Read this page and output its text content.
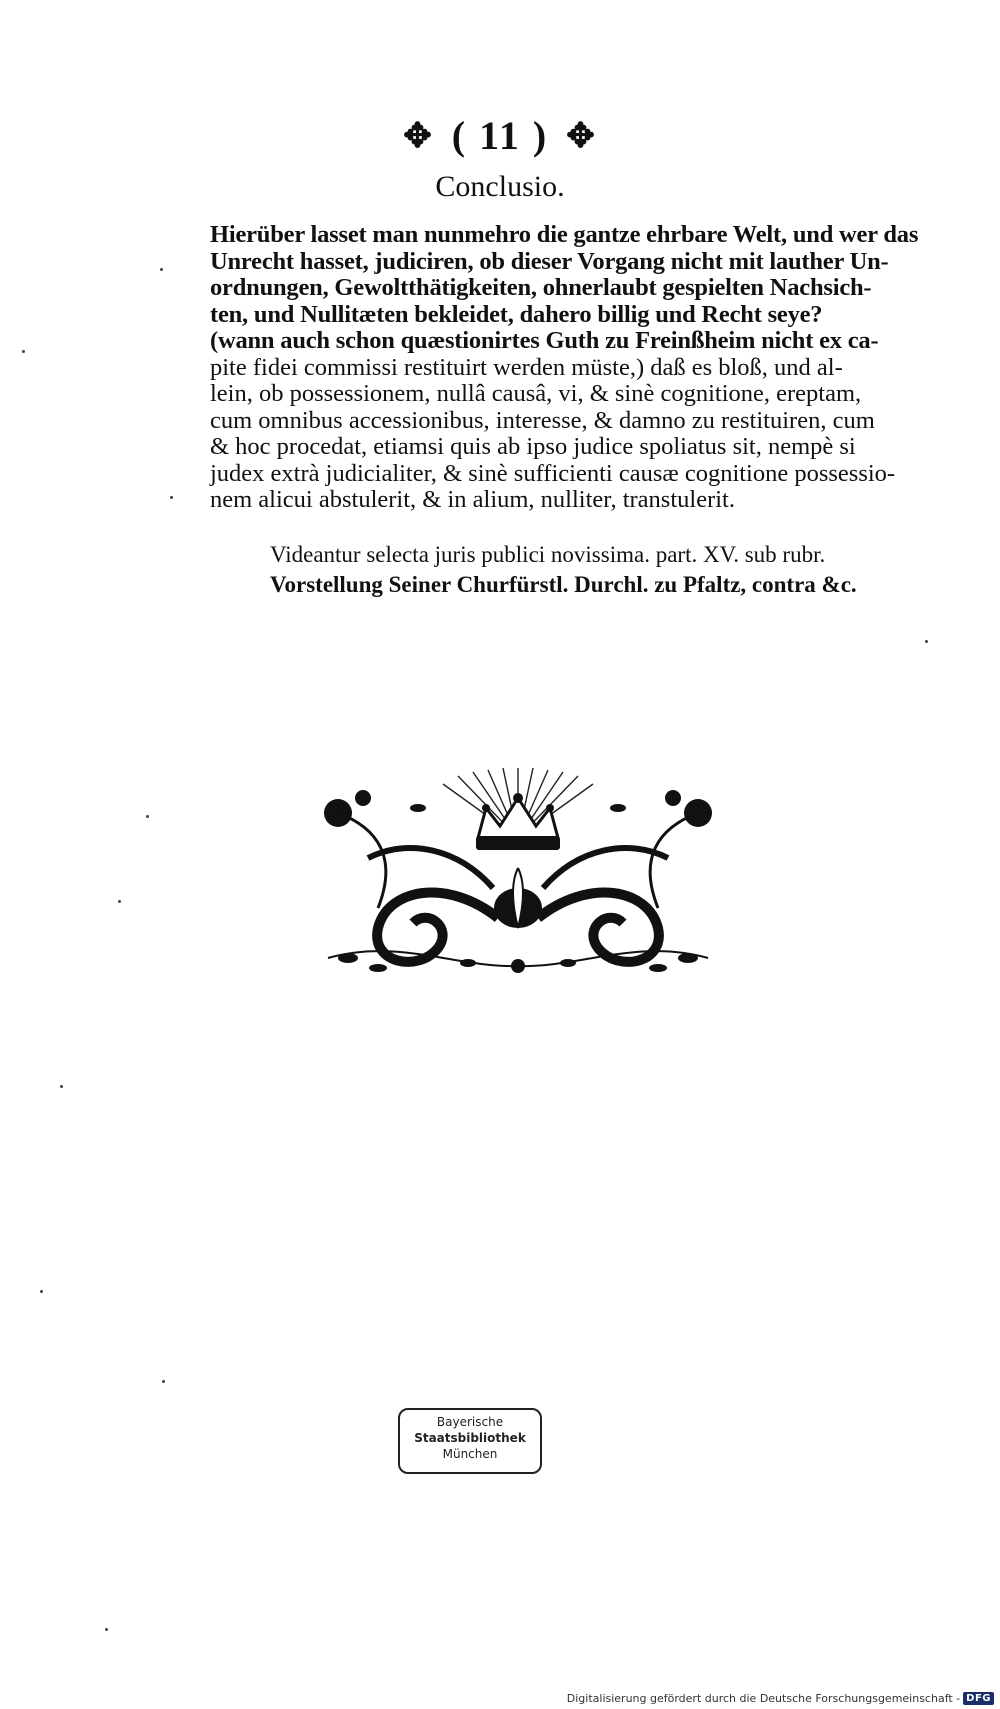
✥ ( 11 ) ✥
Conclusio.
Hierüber lasset man nunmehro die gantze ehrbare Welt, und wer das
Unrecht hasset, judiciren, ob dieser Vorgang nicht mit lauther Un-
ordnungen, Gewoltthätigkeiten, ohnerlaubt gespielten Nachsich-
ten, und Nullitæten bekleidet, dahero billig und Recht seye?
(wann auch schon quæstionirtes Guth zu Freinßheim nicht ex ca-
pite fidei commissi restituirt werden müste,) daß es bloß, und al-
lein, ob possessionem, nullâ causâ, vi, & sinè cognitione, ereptam,
cum omnibus accessionibus, interesse, & damno zu restituiren, cum
& hoc procedat, etiamsi quis ab ipso judice spoliatus sit, nempè si
judex extrà judicialiter, & sinè sufficienti causæ cognitione possessio-
nem alicui abstulerit, & in alium, nulliter, transtulerit.
Videantur selecta juris publici novissima. part. XV. sub rubr.
Vorstellung Seiner Churfürstl. Durchl. zu Pfaltz, contra &c.
Bayerische
Staatsbibliothek
München
Digitalisierung gefördert durch die Deutsche Forschungsgemeinschaft - DFG
